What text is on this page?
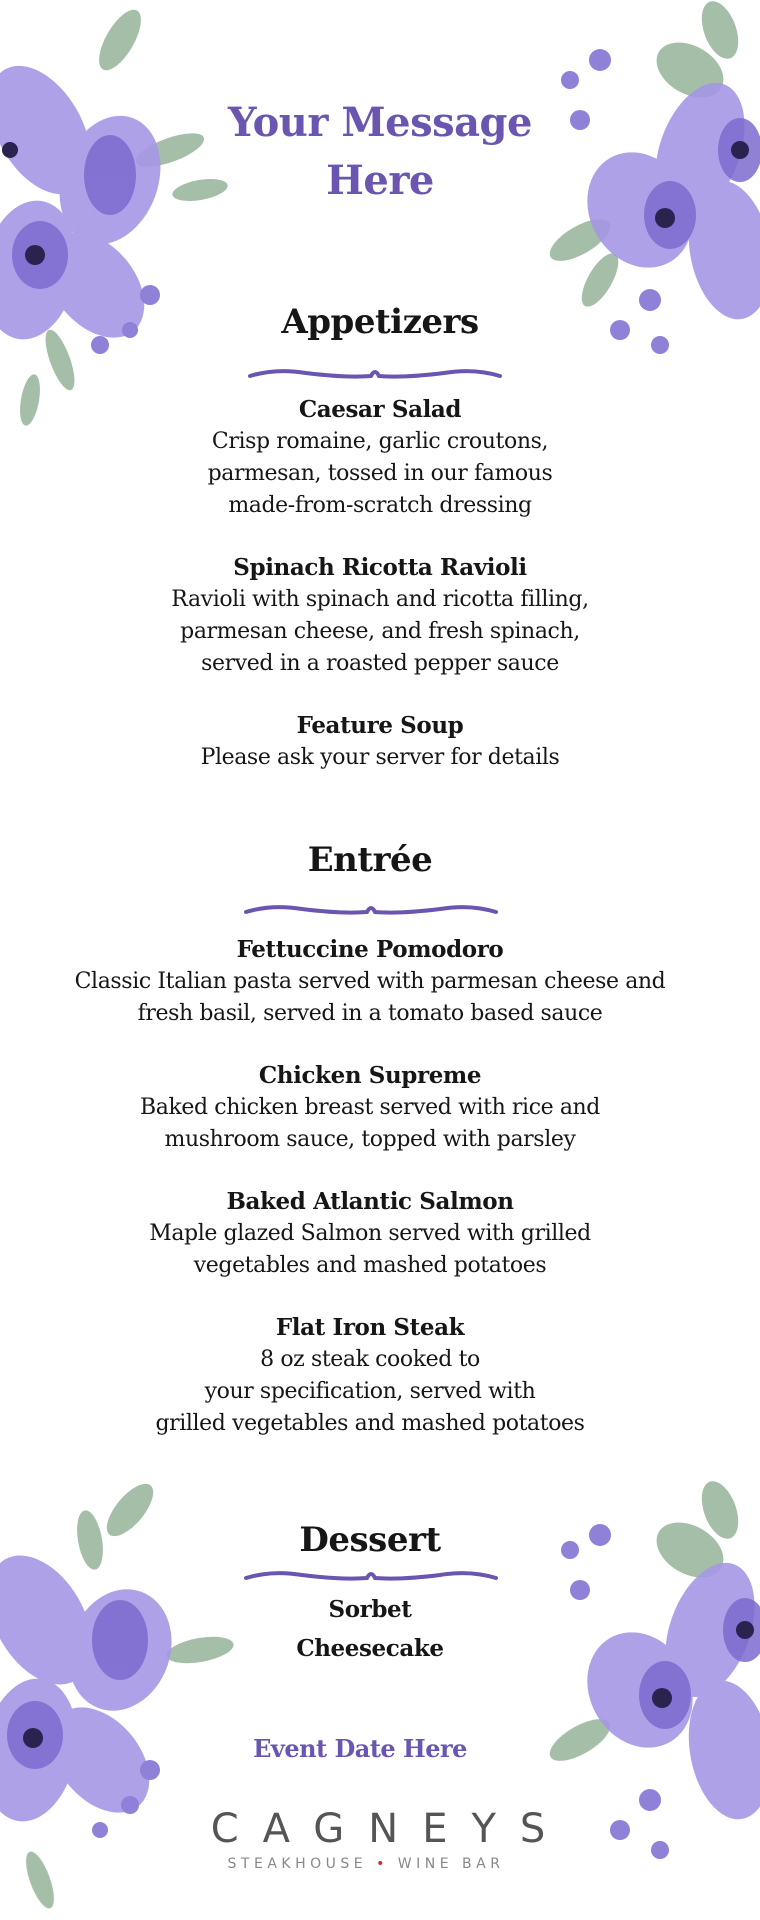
Your Message
Here
Appetizers
Caesar Salad
Crisp romaine, garlic croutons,
parmesan, tossed in our famous
made-from-scratch dressing
Spinach Ricotta Ravioli
Ravioli with spinach and ricotta filling,
parmesan cheese, and fresh spinach,
served in a roasted pepper sauce
Feature Soup
Please ask your server for details
Entrée
Fettuccine Pomodoro
Classic Italian pasta served with parmesan cheese and
fresh basil, served in a tomato based sauce
Chicken Supreme
Baked chicken breast served with rice and
mushroom sauce, topped with parsley
Baked Atlantic Salmon
Maple glazed Salmon served with grilled
vegetables and mashed potatoes
Flat Iron Steak
8 oz steak cooked to
your specification, served with
grilled vegetables and mashed potatoes
Dessert
Sorbet
Cheesecake
Event Date Here
CAGNEYS
STEAKHOUSE • WINE BAR
